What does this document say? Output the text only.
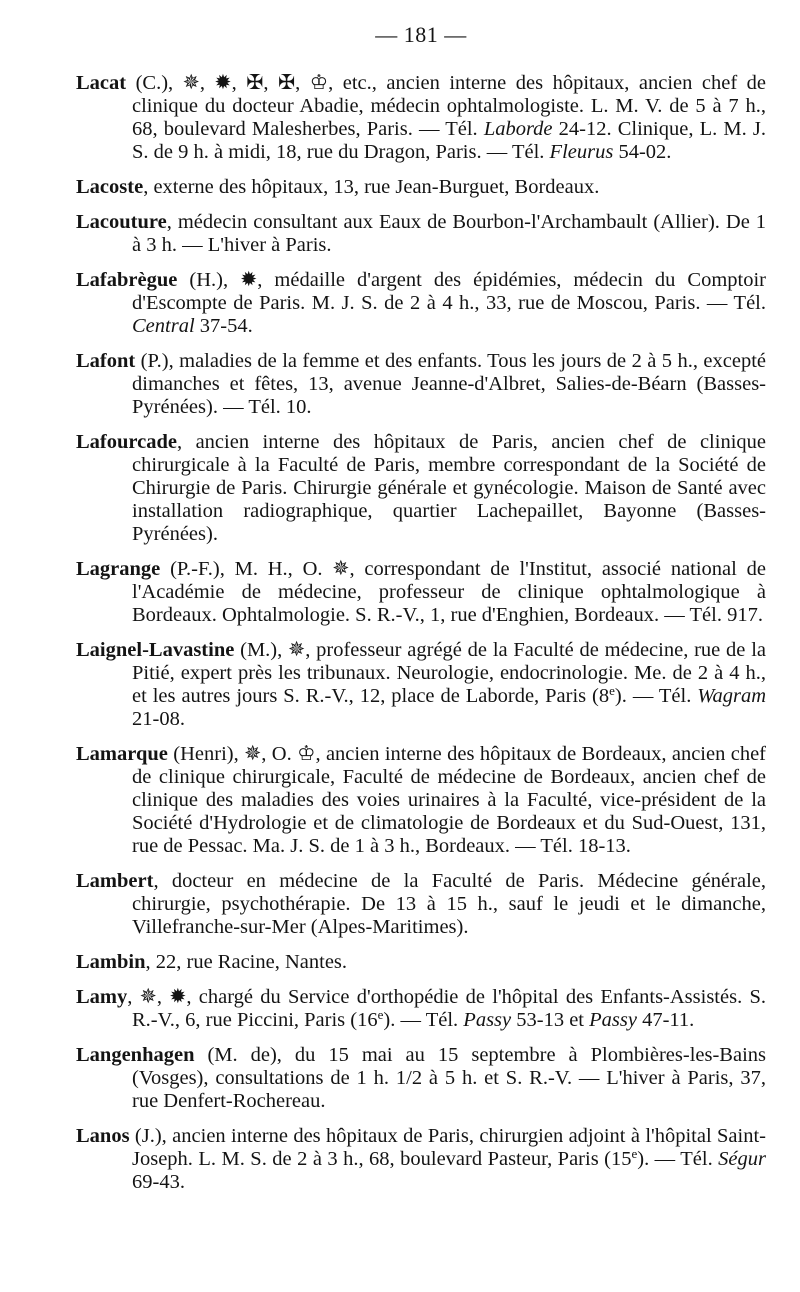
— 181 —

Lacat (C.), ✵, ✹, ✠, ✠, ♔, etc., ancien interne des hôpitaux, ancien chef de clinique du docteur Abadie, médecin ophtalmologiste. L. M. V. de 5 à 7 h., 68, boulevard Malesherbes, Paris. — Tél. Laborde 24-12. Clinique, L. M. J. S. de 9 h. à midi, 18, rue du Dragon, Paris. — Tél. Fleurus 54-02.

Lacoste, externe des hôpitaux, 13, rue Jean-Burguet, Bordeaux.

Lacouture, médecin consultant aux Eaux de Bourbon-l'Archambault (Allier). De 1 à 3 h. — L'hiver à Paris.

Lafabrègue (H.), ✹, médaille d'argent des épidémies, médecin du Comptoir d'Escompte de Paris. M. J. S. de 2 à 4 h., 33, rue de Moscou, Paris. — Tél. Central 37-54.

Lafont (P.), maladies de la femme et des enfants. Tous les jours de 2 à 5 h., excepté dimanches et fêtes, 13, avenue Jeanne-d'Albret, Salies-de-Béarn (Basses-Pyrénées). — Tél. 10.

Lafourcade, ancien interne des hôpitaux de Paris, ancien chef de clinique chirurgicale à la Faculté de Paris, membre correspondant de la Société de Chirurgie de Paris. Chirurgie générale et gynécologie. Maison de Santé avec installation radiographique, quartier Lachepaillet, Bayonne (Basses-Pyrénées).

Lagrange (P.-F.), M. H., O. ✵, correspondant de l'Institut, associé national de l'Académie de médecine, professeur de clinique ophtalmologique à Bordeaux. Ophtalmologie. S. R.-V., 1, rue d'Enghien, Bordeaux. — Tél. 917.

Laignel-Lavastine (M.), ✵, professeur agrégé de la Faculté de médecine, rue de la Pitié, expert près les tribunaux. Neurologie, endocrinologie. Me. de 2 à 4 h., et les autres jours S. R.-V., 12, place de Laborde, Paris (8e). — Tél. Wagram 21-08.

Lamarque (Henri), ✵, O. ♔, ancien interne des hôpitaux de Bordeaux, ancien chef de clinique chirurgicale, Faculté de médecine de Bordeaux, ancien chef de clinique des maladies des voies urinaires à la Faculté, vice-président de la Société d'Hydrologie et de climatologie de Bordeaux et du Sud-Ouest, 131, rue de Pessac. Ma. J. S. de 1 à 3 h., Bordeaux. — Tél. 18-13.

Lambert, docteur en médecine de la Faculté de Paris. Médecine générale, chirurgie, psychothérapie. De 13 à 15 h., sauf le jeudi et le dimanche, Villefranche-sur-Mer (Alpes-Maritimes).

Lambin, 22, rue Racine, Nantes.

Lamy, ✵, ✹, chargé du Service d'orthopédie de l'hôpital des Enfants-Assistés. S. R.-V., 6, rue Piccini, Paris (16e). — Tél. Passy 53-13 et Passy 47-11.

Langenhagen (M. de), du 15 mai au 15 septembre à Plombières-les-Bains (Vosges), consultations de 1 h. 1/2 à 5 h. et S. R.-V. — L'hiver à Paris, 37, rue Denfert-Rochereau.

Lanos (J.), ancien interne des hôpitaux de Paris, chirurgien adjoint à l'hôpital Saint-Joseph. L. M. S. de 2 à 3 h., 68, boulevard Pasteur, Paris (15e). — Tél. Ségur 69-43.
